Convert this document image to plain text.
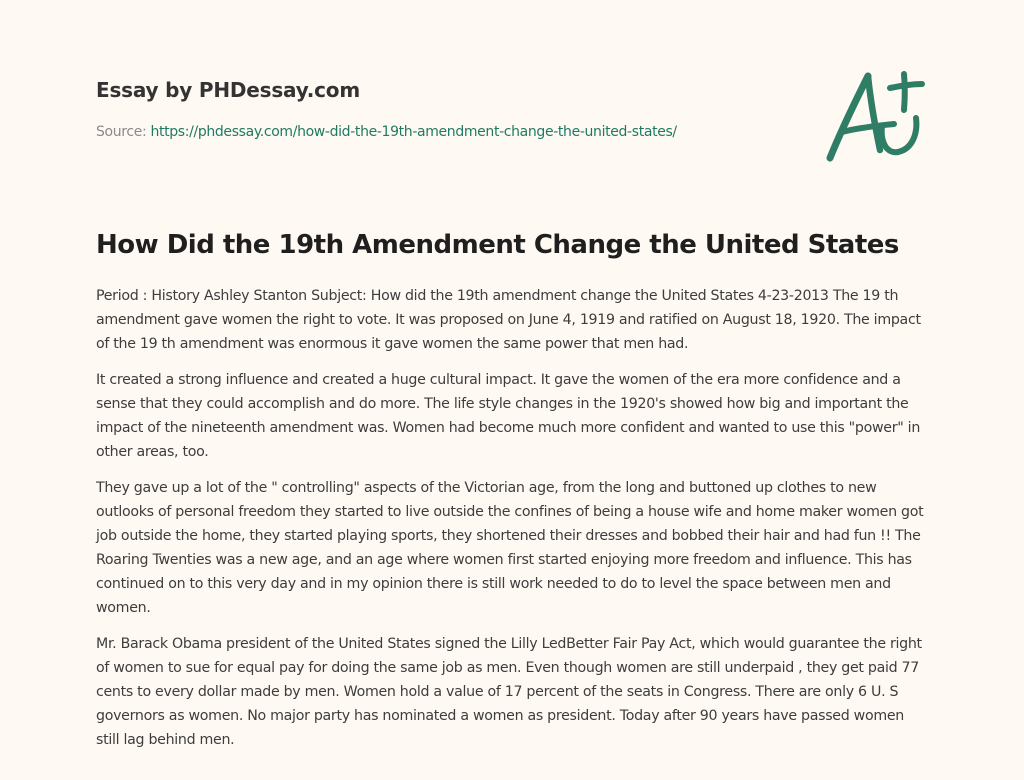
Essay by PHDessay.com
Source: https://phdessay.com/how-did-the-19th-amendment-change-the-united-states/
How Did the 19th Amendment Change the United States

Period : History Ashley Stanton Subject: How did the 19th amendment change the United States 4-23-2013 The 19 th amendment gave women the right to vote. It was proposed on June 4, 1919 and ratified on August 18, 1920. The impact of the 19 th amendment was enormous it gave women the same power that men had.

It created a strong influence and created a huge cultural impact. It gave the women of the era more confidence and a sense that they could accomplish and do more. The life style changes in the 1920's showed how big and important the impact of the nineteenth amendment was. Women had become much more confident and wanted to use this "power" in other areas, too.

They gave up a lot of the " controlling" aspects of the Victorian age, from the long and buttoned up clothes to new outlooks of personal freedom they started to live outside the confines of being a house wife and home maker women got job outside the home, they started playing sports, they shortened their dresses and bobbed their hair and had fun !! The Roaring Twenties was a new age, and an age where women first started enjoying more freedom and influence. This has continued on to this very day and in my opinion there is still work needed to do to level the space between men and women.

Mr. Barack Obama president of the United States signed the Lilly LedBetter Fair Pay Act, which would guarantee the right of women to sue for equal pay for doing the same job as men. Even though women are still underpaid , they get paid 77 cents to every dollar made by men. Women hold a value of 17 percent of the seats in Congress. There are only 6 U. S governors as women. No major party has nominated a women as president. Today after 90 years have passed women still lag behind men.
